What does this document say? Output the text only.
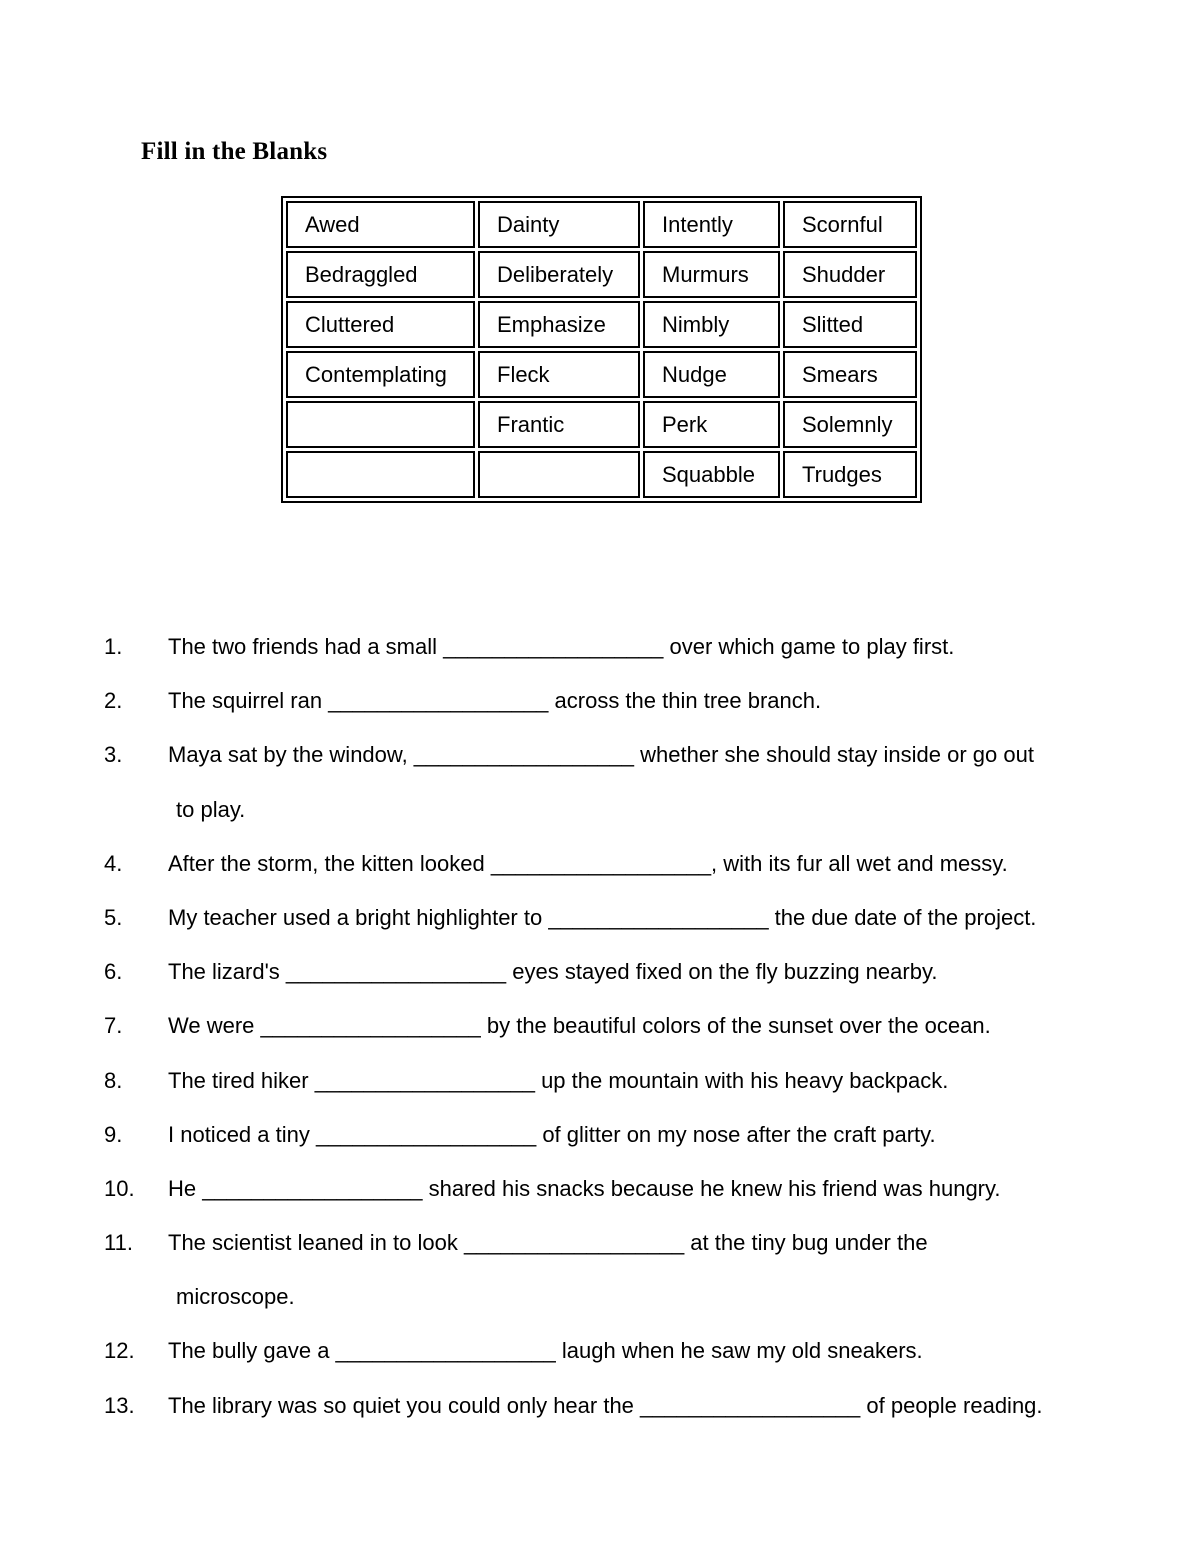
Fill in the Blanks
Awed	Dainty	Intently	Scornful
Bedraggled	Deliberately	Murmurs	Shudder
Cluttered	Emphasize	Nimbly	Slitted
Contemplating	Fleck	Nudge	Smears
	Frantic	Perk	Solemnly
		Squabble	Trudges
1. The two friends had a small __________________ over which game to play first.
2. The squirrel ran __________________ across the thin tree branch.
3. Maya sat by the window, __________________ whether she should stay inside or go out
to play.
4. After the storm, the kitten looked __________________, with its fur all wet and messy.
5. My teacher used a bright highlighter to __________________ the due date of the project.
6. The lizard's __________________ eyes stayed fixed on the fly buzzing nearby.
7. We were __________________ by the beautiful colors of the sunset over the ocean.
8. The tired hiker __________________ up the mountain with his heavy backpack.
9. I noticed a tiny __________________ of glitter on my nose after the craft party.
10. He __________________ shared his snacks because he knew his friend was hungry.
11. The scientist leaned in to look __________________ at the tiny bug under the
microscope.
12. The bully gave a __________________ laugh when he saw my old sneakers.
13. The library was so quiet you could only hear the __________________ of people reading.
